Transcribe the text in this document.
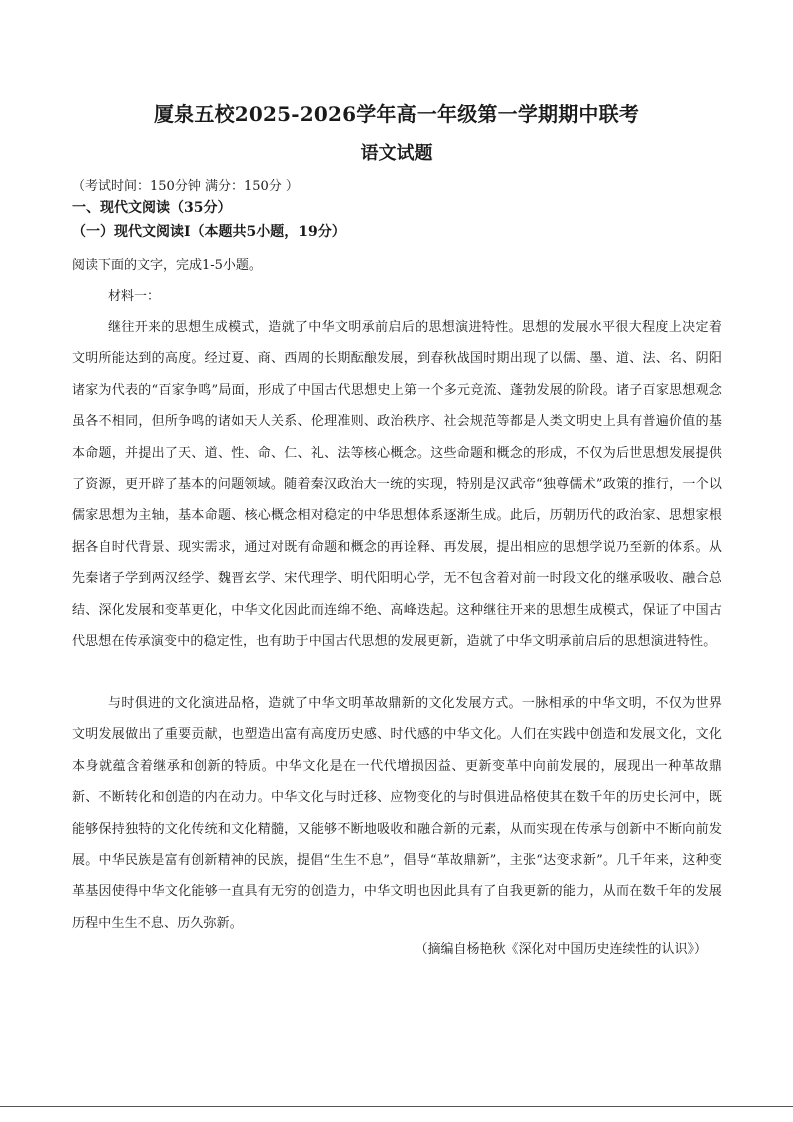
厦泉五校2025-2026学年高一年级第一学期期中联考
语文试题
（考试时间：150分钟 满分：150分 ）
一、现代文阅读（35分）
（一）现代文阅读Ⅰ（本题共5小题，19分）
阅读下面的文字，完成1-5小题。
材料一：

继往开来的思想生成模式，造就了中华文明承前启后的思想演进特性。思想的发展水平很大程度上决定着文明所能达到的高度。经过夏、商、西周的长期酝酿发展，到春秋战国时期出现了以儒、墨、道、法、名、阴阳诸家为代表的“百家争鸣”局面，形成了中国古代思想史上第一个多元竞流、蓬勃发展的阶段。诸子百家思想观念虽各不相同，但所争鸣的诸如天人关系、伦理准则、政治秩序、社会规范等都是人类文明史上具有普遍价值的基本命题，并提出了天、道、性、命、仁、礼、法等核心概念。这些命题和概念的形成，不仅为后世思想发展提供了资源，更开辟了基本的问题领域。随着秦汉政治大一统的实现，特别是汉武帝“独尊儒术”政策的推行，一个以儒家思想为主轴，基本命题、核心概念相对稳定的中华思想体系逐渐生成。此后，历朝历代的政治家、思想家根据各自时代背景、现实需求，通过对既有命题和概念的再诠释、再发展，提出相应的思想学说乃至新的体系。从先秦诸子学到两汉经学、魏晋玄学、宋代理学、明代阳明心学，无不包含着对前一时段文化的继承吸收、融合总结、深化发展和变革更化，中华文化因此而连绵不绝、高峰迭起。这种继往开来的思想生成模式，保证了中国古代思想在传承演变中的稳定性，也有助于中国古代思想的发展更新，造就了中华文明承前启后的思想演进特性。

与时俱进的文化演进品格，造就了中华文明革故鼎新的文化发展方式。一脉相承的中华文明，不仅为世界文明发展做出了重要贡献，也塑造出富有高度历史感、时代感的中华文化。人们在实践中创造和发展文化，文化本身就蕴含着继承和创新的特质。中华文化是在一代代增损因益、更新变革中向前发展的，展现出一种革故鼎新、不断转化和创造的内在动力。中华文化与时迁移、应物变化的与时俱进品格使其在数千年的历史长河中，既能够保持独特的文化传统和文化精髓，又能够不断地吸收和融合新的元素，从而实现在传承与创新中不断向前发展。中华民族是富有创新精神的民族，提倡“生生不息”，倡导“革故鼎新”，主张“达变求新”。几千年来，这种变革基因使得中华文化能够一直具有无穷的创造力，中华文明也因此具有了自我更新的能力，从而在数千年的发展历程中生生不息、历久弥新。

（摘编自杨艳秋《深化对中国历史连续性的认识》）
